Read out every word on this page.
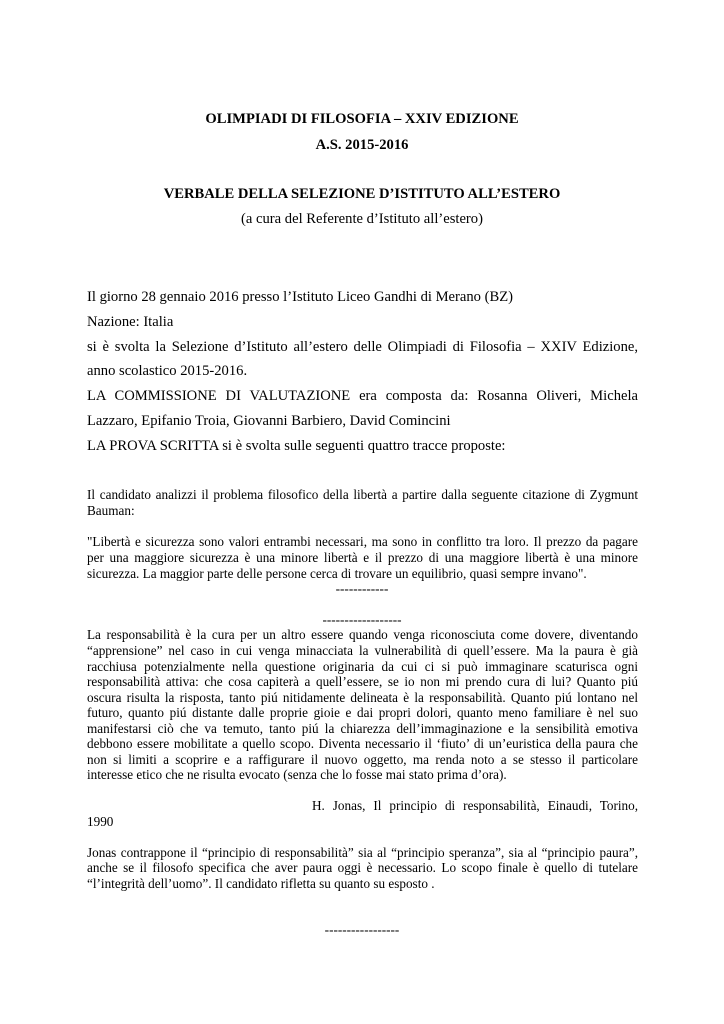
OLIMPIADI DI FILOSOFIA – XXIV EDIZIONE
A.S. 2015-2016
VERBALE DELLA SELEZIONE D’ISTITUTO ALL’ESTERO
(a cura del Referente d’Istituto all’estero)
Il giorno 28 gennaio 2016 presso l’Istituto Liceo Gandhi di Merano (BZ)
Nazione: Italia
si è svolta la Selezione d’Istituto all’estero delle Olimpiadi di Filosofia – XXIV Edizione,
anno scolastico 2015-2016.
LA COMMISSIONE DI VALUTAZIONE era composta da: Rosanna Oliveri, Michela
Lazzaro, Epifanio Troia, Giovanni Barbiero, David Comincini
LA PROVA SCRITTA si è svolta sulle seguenti quattro tracce proposte:
Il candidato analizzi il problema filosofico della libertà a partire dalla seguente citazione di Zygmunt
Bauman:
"Libertà e sicurezza sono valori entrambi necessari, ma sono in conflitto tra loro. Il prezzo da pagare
per una maggiore sicurezza è una minore libertà e il prezzo di una maggiore libertà è una minore
sicurezza. La maggior parte delle persone cerca di trovare un equilibrio, quasi sempre invano".
------------
------------------
La responsabilità è la cura per un altro essere quando venga riconosciuta come dovere, diventando
“apprensione” nel caso in cui venga minacciata la vulnerabilità di quell’essere. Ma la paura è già
racchiusa potenzialmente nella questione originaria da cui ci si può immaginare scaturisca ogni
responsabilità attiva: che cosa capiterà a quell’essere, se io non mi prendo cura di lui? Quanto piú
oscura risulta la risposta, tanto piú nitidamente delineata è la responsabilità. Quanto piú lontano nel
futuro, quanto piú distante dalle proprie gioie e dai propri dolori, quanto meno familiare è nel suo
manifestarsi ciò che va temuto, tanto piú la chiarezza dell’immaginazione e la sensibilità emotiva
debbono essere mobilitate a quello scopo. Diventa necessario il ‘fiuto’ di un’euristica della paura che
non si limiti a scoprire e a raffigurare il nuovo oggetto, ma renda noto a se stesso il particolare
interesse etico che ne risulta evocato (senza che lo fosse mai stato prima d’ora).
H. Jonas, Il principio di responsabilità, Einaudi, Torino,
1990
Jonas contrappone il “principio di responsabilità” sia al “principio speranza”, sia al “principio paura”,
anche se il filosofo specifica che aver paura oggi è necessario. Lo scopo finale è quello di tutelare
“l’integrità dell’uomo”. Il candidato rifletta su quanto su esposto .
-----------------
